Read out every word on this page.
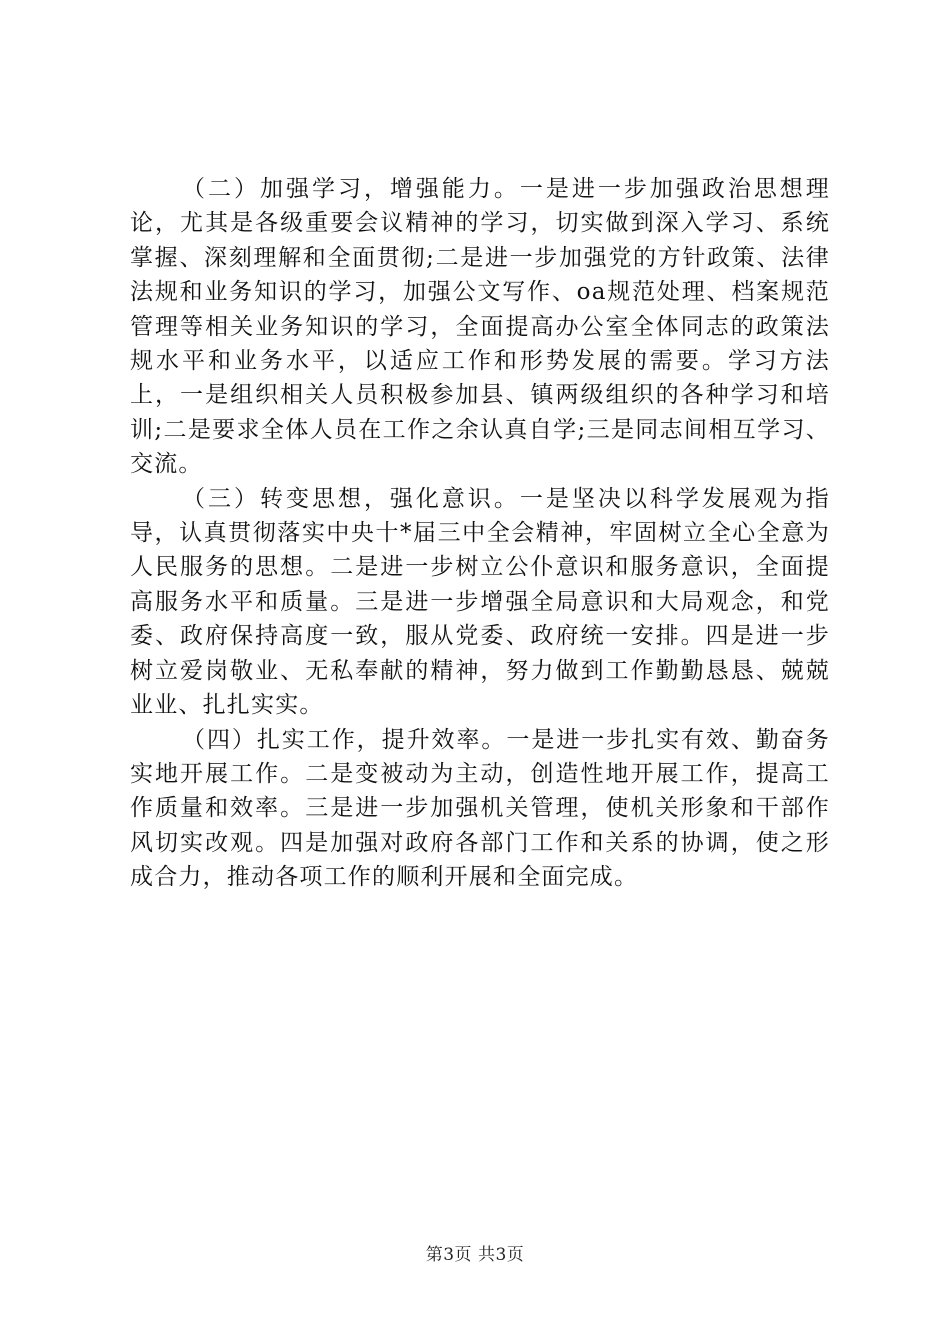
（二）加强学习，增强能力。一是进一步加强政治思想理论，尤其是各级重要会议精神的学习，切实做到深入学习、系统掌握、深刻理解和全面贯彻;二是进一步加强党的方针政策、法律法规和业务知识的学习，加强公文写作、oa规范处理、档案规范管理等相关业务知识的学习，全面提高办公室全体同志的政策法规水平和业务水平，以适应工作和形势发展的需要。学习方法上，一是组织相关人员积极参加县、镇两级组织的各种学习和培训;二是要求全体人员在工作之余认真自学;三是同志间相互学习、交流。

（三）转变思想，强化意识。一是坚决以科学发展观为指导，认真贯彻落实中央十*届三中全会精神，牢固树立全心全意为人民服务的思想。二是进一步树立公仆意识和服务意识，全面提高服务水平和质量。三是进一步增强全局意识和大局观念，和党委、政府保持高度一致，服从党委、政府统一安排。四是进一步树立爱岗敬业、无私奉献的精神，努力做到工作勤勤恳恳、兢兢业业、扎扎实实。

（四）扎实工作，提升效率。一是进一步扎实有效、勤奋务实地开展工作。二是变被动为主动，创造性地开展工作，提高工作质量和效率。三是进一步加强机关管理，使机关形象和干部作风切实改观。四是加强对政府各部门工作和关系的协调，使之形成合力，推动各项工作的顺利开展和全面完成。

第3页 共3页
